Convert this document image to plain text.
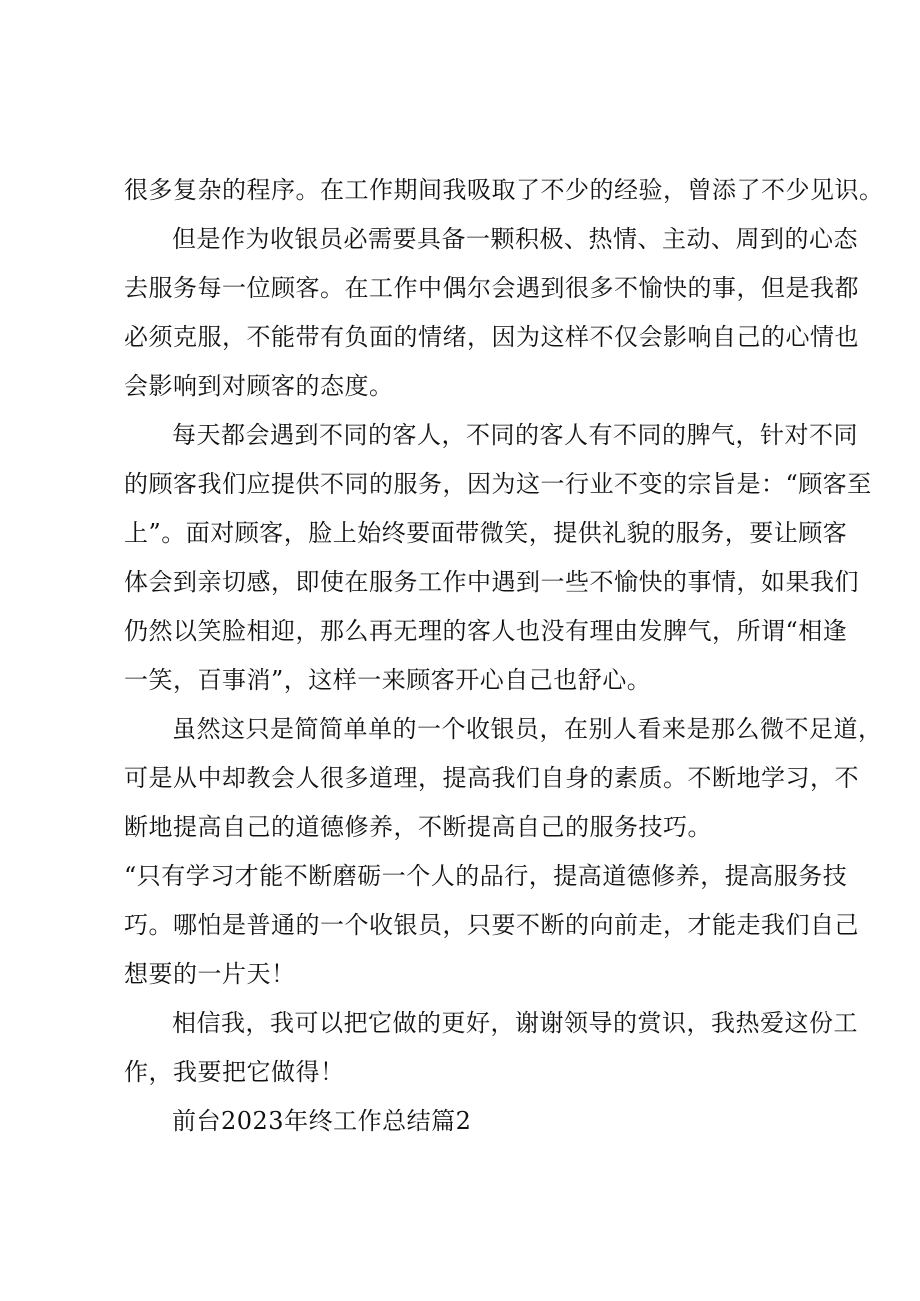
很多复杂的程序。在工作期间我吸取了不少的经验，曾添了不少见识。
但是作为收银员必需要具备一颗积极、热情、主动、周到的心态
去服务每一位顾客。在工作中偶尔会遇到很多不愉快的事，但是我都
必须克服，不能带有负面的情绪，因为这样不仅会影响自己的心情也
会影响到对顾客的态度。
每天都会遇到不同的客人，不同的客人有不同的脾气，针对不同
的顾客我们应提供不同的服务，因为这一行业不变的宗旨是：“顾客至
上”。面对顾客，脸上始终要面带微笑，提供礼貌的服务，要让顾客
体会到亲切感，即使在服务工作中遇到一些不愉快的事情，如果我们
仍然以笑脸相迎，那么再无理的客人也没有理由发脾气，所谓“相逢
一笑，百事消”，这样一来顾客开心自己也舒心。
虽然这只是简简单单的一个收银员，在别人看来是那么微不足道，
可是从中却教会人很多道理，提高我们自身的素质。不断地学习，不
断地提高自己的道德修养，不断提高自己的服务技巧。
“只有学习才能不断磨砺一个人的品行，提高道德修养，提高服务技
巧。哪怕是普通的一个收银员，只要不断的向前走，才能走我们自己
想要的一片天！
相信我，我可以把它做的更好，谢谢领导的赏识，我热爱这份工
作，我要把它做得！
前台2023年终工作总结篇2
